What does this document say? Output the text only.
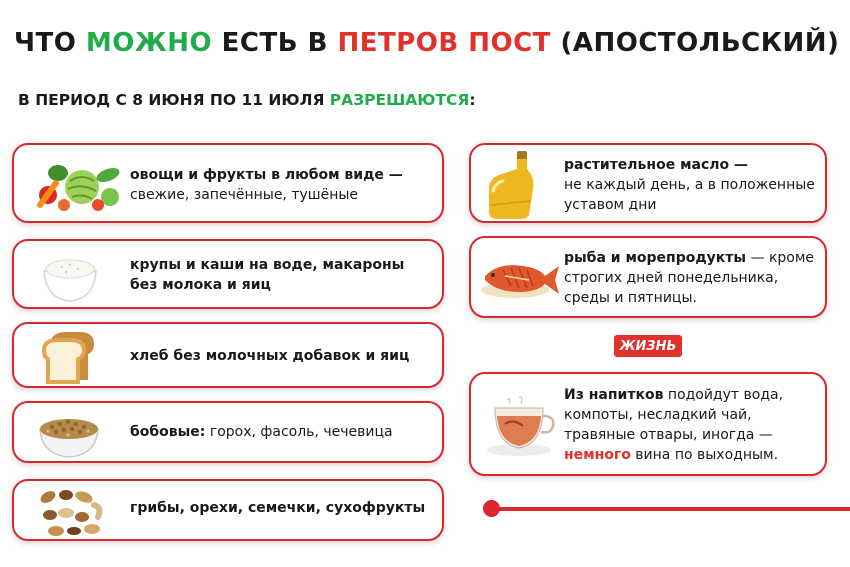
ЧТО МОЖНО ЕСТЬ В ПЕТРОВ ПОСТ (АПОСТОЛЬСКИЙ)
В ПЕРИОД С 8 ИЮНЯ ПО 11 ИЮЛЯ РАЗРЕШАЮТСЯ:
овощи и фрукты в любом виде —
свежие, запечённые, тушёные
крупы и каши на воде, макароны
без молока и яиц
хлеб без молочных добавок и яиц
бобовые: горох, фасоль, чечевица
грибы, орехи, семечки, сухофрукты
растительное масло —
не каждый день, а в положенные
уставом дни
рыба и морепродукты — кроме
строгих дней понедельника,
среды и пятницы.
ЖИЗНЬ
Из напитков подойдут вода,
компоты, несладкий чай,
травяные отвары, иногда —
немного вина по выходным.
